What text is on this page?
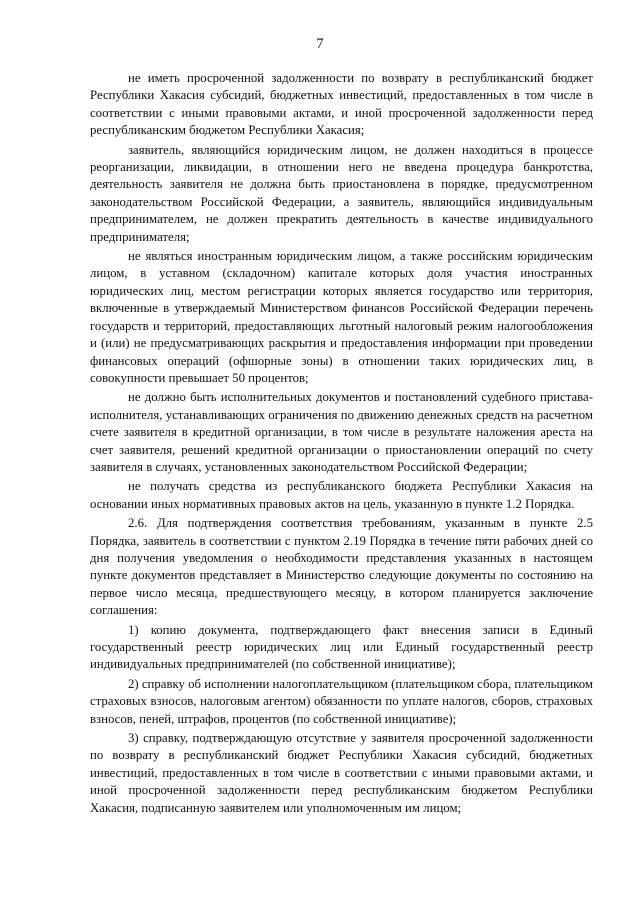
7

не иметь просроченной задолженности по возврату в республиканский бюджет Республики Хакасия субсидий, бюджетных инвестиций, предоставленных в том числе в соответствии с иными правовыми актами, и иной просроченной задолженности перед республиканским бюджетом Республики Хакасия;

заявитель, являющийся юридическим лицом, не должен находиться в процессе реорганизации, ликвидации, в отношении него не введена процедура банкротства, деятельность заявителя не должна быть приостановлена в порядке, предусмотренном законодательством Российской Федерации, а заявитель, являющийся индивидуальным предпринимателем, не должен прекратить деятельность в качестве индивидуального предпринимателя;

не являться иностранным юридическим лицом, а также российским юридическим лицом, в уставном (складочном) капитале которых доля участия иностранных юридических лиц, местом регистрации которых является государство или территория, включенные в утверждаемый Министерством финансов Российской Федерации перечень государств и территорий, предоставляющих льготный налоговый режим налогообложения и (или) не предусматривающих раскрытия и предоставления информации при проведении финансовых операций (офшорные зоны) в отношении таких юридических лиц, в совокупности превышает 50 процентов;

не должно быть исполнительных документов и постановлений судебного пристава-исполнителя, устанавливающих ограничения по движению денежных средств на расчетном счете заявителя в кредитной организации, в том числе в результате наложения ареста на счет заявителя, решений кредитной организации о приостановлении операций по счету заявителя в случаях, установленных законодательством Российской Федерации;

не получать средства из республиканского бюджета Республики Хакасия на основании иных нормативных правовых актов на цель, указанную в пункте 1.2 Порядка.

2.6. Для подтверждения соответствия требованиям, указанным в пункте 2.5 Порядка, заявитель в соответствии с пунктом 2.19 Порядка в течение пяти рабочих дней со дня получения уведомления о необходимости представления указанных в настоящем пункте документов представляет в Министерство следующие документы по состоянию на первое число месяца, предшествующего месяцу, в котором планируется заключение соглашения:

1) копию документа, подтверждающего факт внесения записи в Единый государственный реестр юридических лиц или Единый государственный реестр индивидуальных предпринимателей (по собственной инициативе);

2) справку об исполнении налогоплательщиком (плательщиком сбора, плательщиком страховых взносов, налоговым агентом) обязанности по уплате налогов, сборов, страховых взносов, пеней, штрафов, процентов (по собственной инициативе);

3) справку, подтверждающую отсутствие у заявителя просроченной задолженности по возврату в республиканский бюджет Республики Хакасия субсидий, бюджетных инвестиций, предоставленных в том числе в соответствии с иными правовыми актами, и иной просроченной задолженности перед республиканским бюджетом Республики Хакасия, подписанную заявителем или уполномоченным им лицом;
